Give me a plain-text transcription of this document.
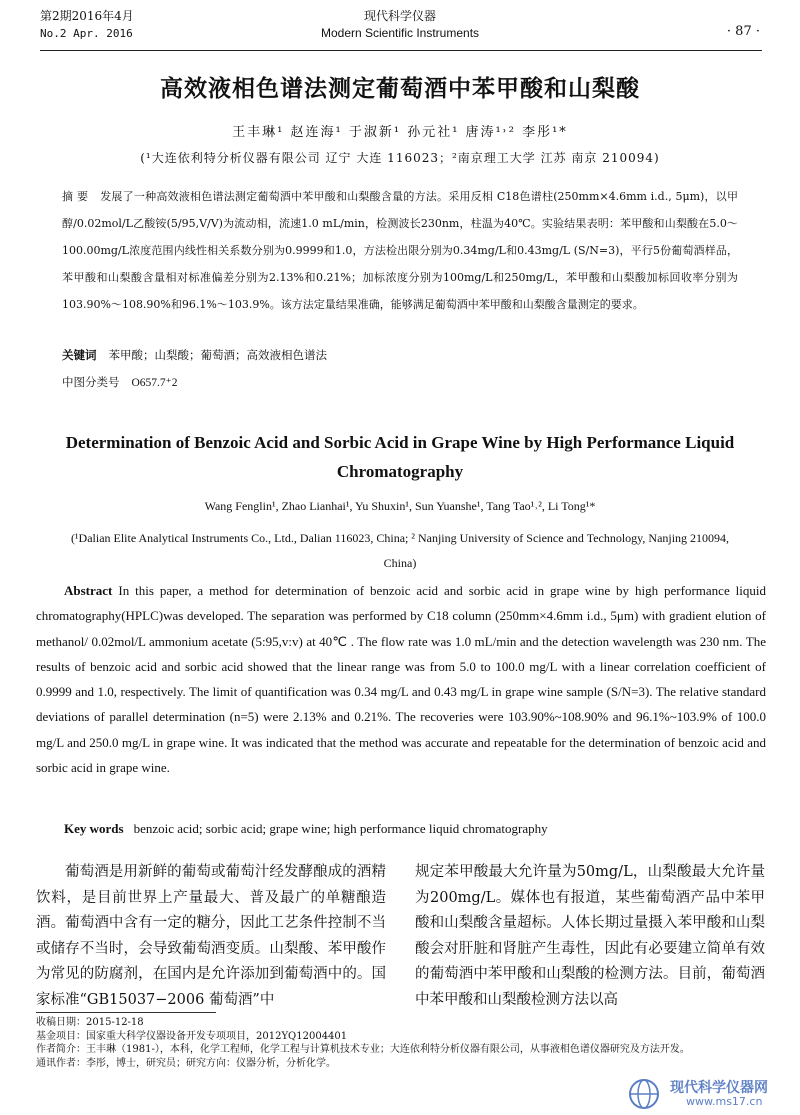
第2期2016年4月
No.2 Apr. 2016
现代科学仪器
Modern Scientific Instruments	· 87 ·
高效液相色谱法测定葡萄酒中苯甲酸和山梨酸
王丰琳¹ 赵连海¹ 于淑新¹ 孙元社¹ 唐涛¹˒² 李彤¹*
(¹大连依利特分析仪器有限公司 辽宁 大连 116023；²南京理工大学 江苏 南京 210094)
摘 要 发展了一种高效液相色谱法测定葡萄酒中苯甲酸和山梨酸含量的方法。采用反相 C18色谱柱(250mm×4.6mm i.d., 5μm)，以甲醇/0.02mol/L乙酸铵(5/95,V/V)为流动相，流速1.0 mL/min，检测波长230nm，柱温为40℃。实验结果表明：苯甲酸和山梨酸在5.0～100.00mg/L浓度范围内线性相关系数分别为0.9999和1.0，方法检出限分别为0.34mg/L和0.43mg/L (S/N=3)，平行5份葡萄酒样品，苯甲酸和山梨酸含量相对标准偏差分别为2.13%和0.21%；加标浓度分别为100mg/L和250mg/L，苯甲酸和山梨酸加标回收率分别为103.90%～108.90%和96.1%～103.9%。该方法定量结果准确，能够满足葡萄酒中苯甲酸和山梨酸含量测定的要求。
关键词 苯甲酸；山梨酸；葡萄酒；高效液相色谱法
中图分类号 O657.7⁺2
Determination of Benzoic Acid and Sorbic Acid in Grape Wine by High Performance Liquid Chromatography
Wang Fenglin¹, Zhao Lianhai¹, Yu Shuxin¹, Sun Yuanshe¹, Tang Tao¹˒², Li Tong¹*
(¹Dalian Elite Analytical Instruments Co., Ltd., Dalian 116023, China; ² Nanjing University of Science and Technology, Nanjing 210094, China)
Abstract In this paper, a method for determination of benzoic acid and sorbic acid in grape wine by high performance liquid chromatography(HPLC)was developed. The separation was performed by C18 column (250mm×4.6mm i.d., 5μm) with gradient elution of methanol/ 0.02mol/L ammonium acetate (5:95,v:v) at 40℃ . The flow rate was 1.0 mL/min and the detection wavelength was 230 nm. The results of benzoic acid and sorbic acid showed that the linear range was from 5.0 to 100.0 mg/L with a linear correlation coefficient of 0.9999 and 1.0, respectively. The limit of quantification was 0.34 mg/L and 0.43 mg/L in grape wine sample (S/N=3). The relative standard deviations of parallel determination (n=5) were 2.13% and 0.21%. The recoveries were 103.90%~108.90% and 96.1%~103.9% of 100.0 mg/L and 250.0 mg/L in grape wine. It was indicated that the method was accurate and repeatable for the determination of benzoic acid and sorbic acid in grape wine.
Key words benzoic acid; sorbic acid; grape wine; high performance liquid chromatography
葡萄酒是用新鲜的葡萄或葡萄汁经发酵酿成的酒精饮料，是目前世界上产量最大、普及最广的单糖酿造酒。葡萄酒中含有一定的糖分，因此工艺条件控制不当或储存不当时，会导致葡萄酒变质。山梨酸、苯甲酸作为常见的防腐剂，在国内是允许添加到葡萄酒中的。国家标准“GB15037−2006 葡萄酒”中
规定苯甲酸最大允许量为50mg/L，山梨酸最大允许量为200mg/L。媒体也有报道，某些葡萄酒产品中苯甲酸和山梨酸含量超标。人体长期过量摄入苯甲酸和山梨酸会对肝脏和肾脏产生毒性，因此有必要建立简单有效的葡萄酒中苯甲酸和山梨酸的检测方法。目前，葡萄酒中苯甲酸和山梨酸检测方法以高
收稿日期：2015-12-18
基金项目：国家重大科学仪器设备开发专项项目，2012YQ12004401
作者简介：王丰琳（1981-），本科，化学工程师，化学工程与计算机技术专业；大连依利特分析仪器有限公司，从事液相色谱仪器研究及方法开发。
通讯作者：李彤，博士，研究员；研究方向：仪器分析，分析化学。
现代科学仪器网
www.ms17.cn
